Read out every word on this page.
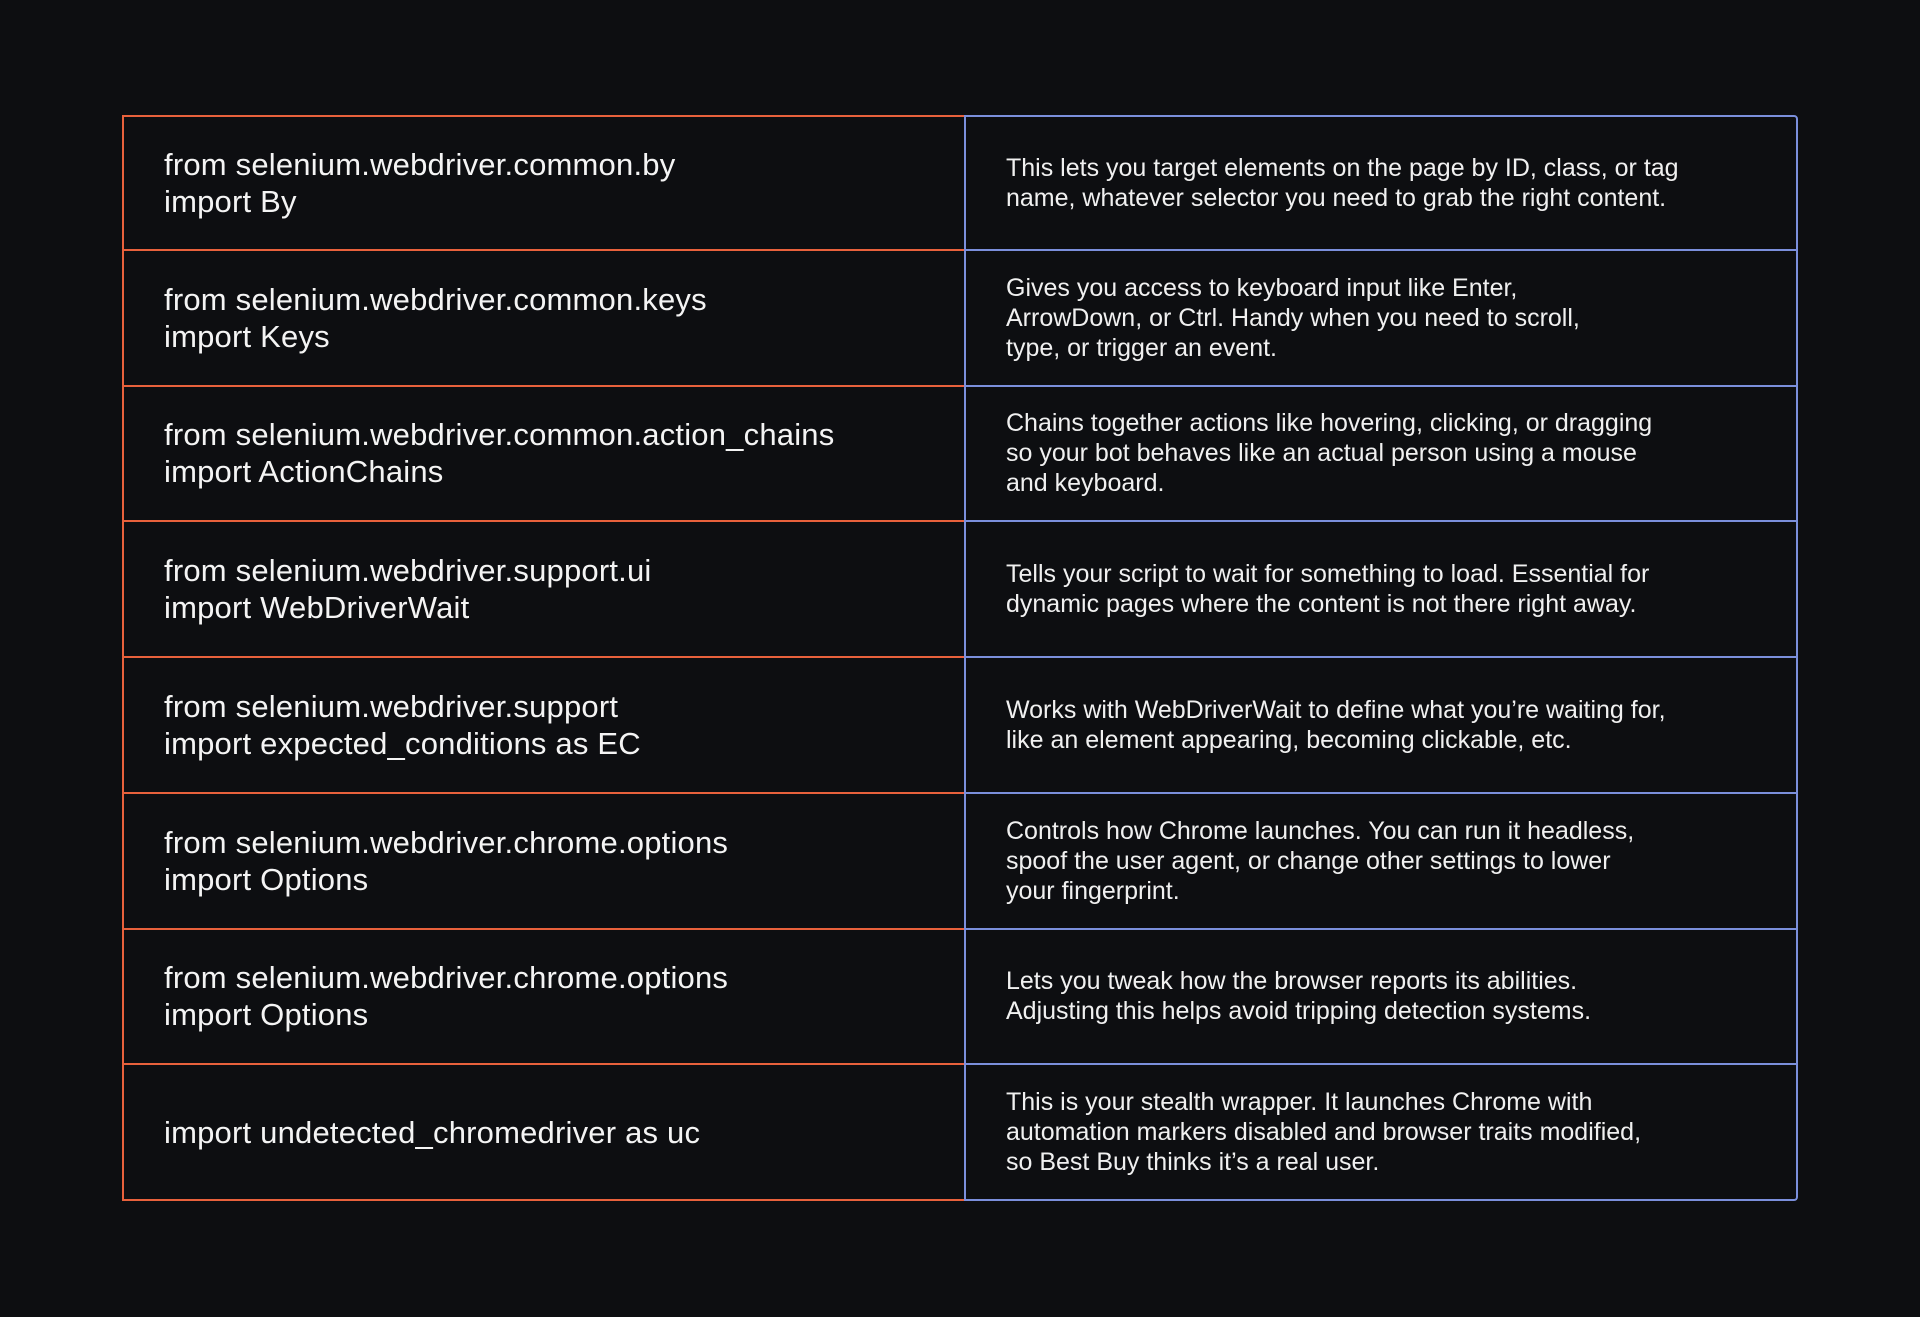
from selenium.webdriver.common.by
import By
This lets you target elements on the page by ID, class, or tag
name, whatever selector you need to grab the right content.
from selenium.webdriver.common.keys
import Keys
Gives you access to keyboard input like Enter,
ArrowDown, or Ctrl. Handy when you need to scroll,
type, or trigger an event.
from selenium.webdriver.common.action_chains
import ActionChains
Chains together actions like hovering, clicking, or dragging
so your bot behaves like an actual person using a mouse
and keyboard.
from selenium.webdriver.support.ui
import WebDriverWait
Tells your script to wait for something to load. Essential for
dynamic pages where the content is not there right away.
from selenium.webdriver.support
import expected_conditions as EC
Works with WebDriverWait to define what you’re waiting for,
like an element appearing, becoming clickable, etc.
from selenium.webdriver.chrome.options
import Options
Controls how Chrome launches. You can run it headless,
spoof the user agent, or change other settings to lower
your fingerprint.
from selenium.webdriver.chrome.options
import Options
Lets you tweak how the browser reports its abilities.
Adjusting this helps avoid tripping detection systems.
import undetected_chromedriver as uc
This is your stealth wrapper. It launches Chrome with
automation markers disabled and browser traits modified,
so Best Buy thinks it’s a real user.
